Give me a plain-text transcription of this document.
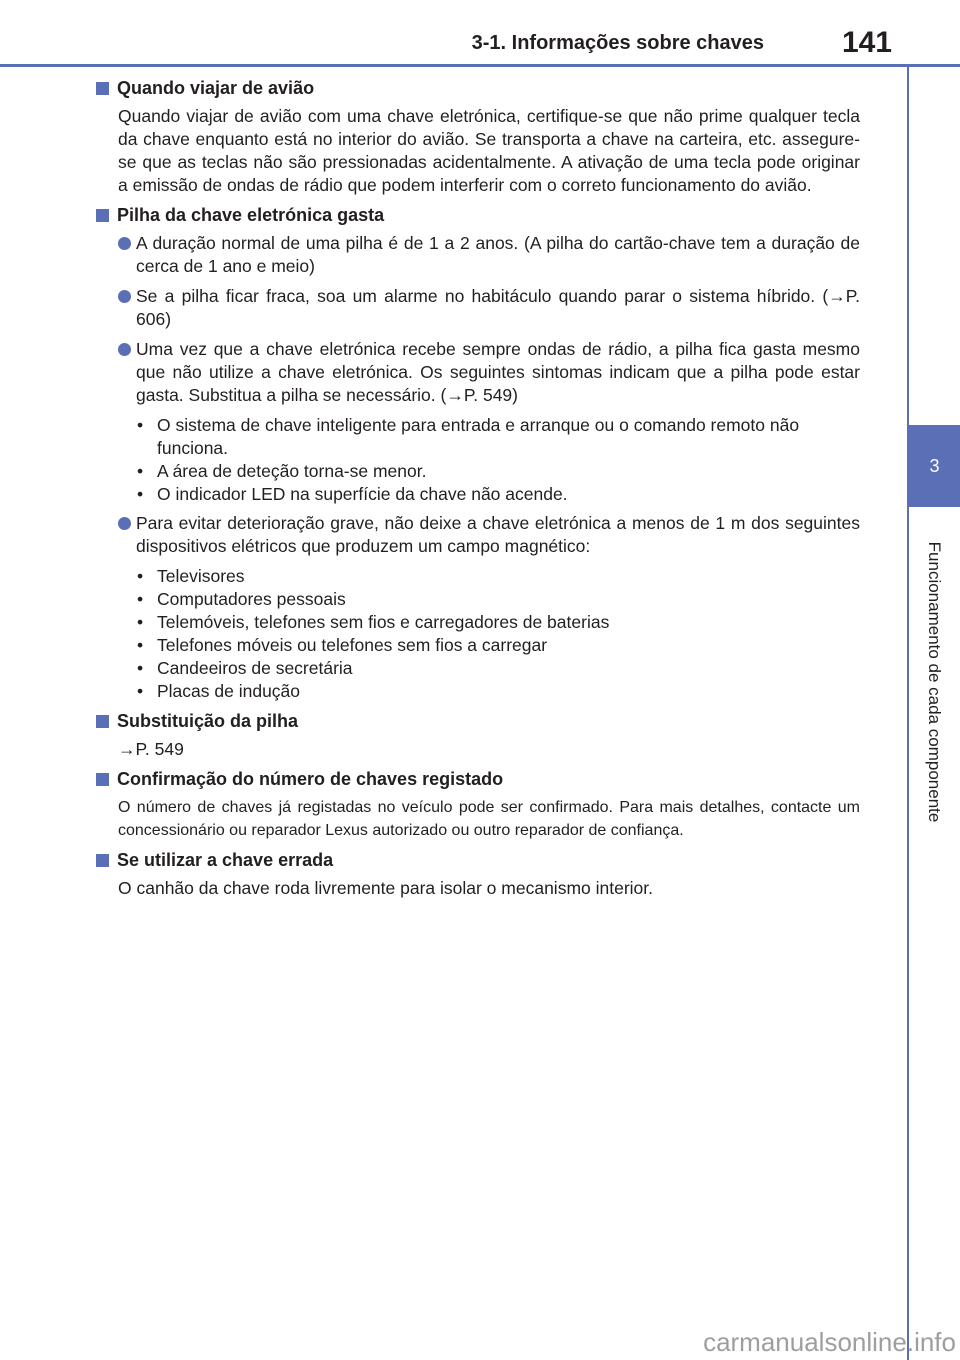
3-1. Informações sobre chaves	141
3
Funcionamento de cada componente
Quando viajar de avião
Quando viajar de avião com uma chave eletrónica, certifique-se que não prime qualquer tecla da chave enquanto está no interior do avião. Se transporta a chave na carteira, etc. assegure-se que as teclas não são pressionadas acidentalmente. A ativação de uma tecla pode originar a emissão de ondas de rádio que podem interferir com o correto funcionamento do avião.
Pilha da chave eletrónica gasta
A duração normal de uma pilha é de 1 a 2 anos. (A pilha do cartão-chave tem a duração de cerca de 1 ano e meio)
Se a pilha ficar fraca, soa um alarme no habitáculo quando parar o sistema híbrido. (→P. 606)
Uma vez que a chave eletrónica recebe sempre ondas de rádio, a pilha fica gasta mesmo que não utilize a chave eletrónica. Os seguintes sintomas indicam que a pilha pode estar gasta. Substitua a pilha se necessário. (→P. 549)
• O sistema de chave inteligente para entrada e arranque ou o comando remoto não funciona.
• A área de deteção torna-se menor.
• O indicador LED na superfície da chave não acende.
Para evitar deterioração grave, não deixe a chave eletrónica a menos de 1 m dos seguintes dispositivos elétricos que produzem um campo magnético:
• Televisores
• Computadores pessoais
• Telemóveis, telefones sem fios e carregadores de baterias
• Telefones móveis ou telefones sem fios a carregar
• Candeeiros de secretária
• Placas de indução
Substituição da pilha
→P. 549
Confirmação do número de chaves registado
O número de chaves já registadas no veículo pode ser confirmado. Para mais detalhes, contacte um concessionário ou reparador Lexus autorizado ou outro reparador de confiança.
Se utilizar a chave errada
O canhão da chave roda livremente para isolar o mecanismo interior.
carmanualsonline.info
